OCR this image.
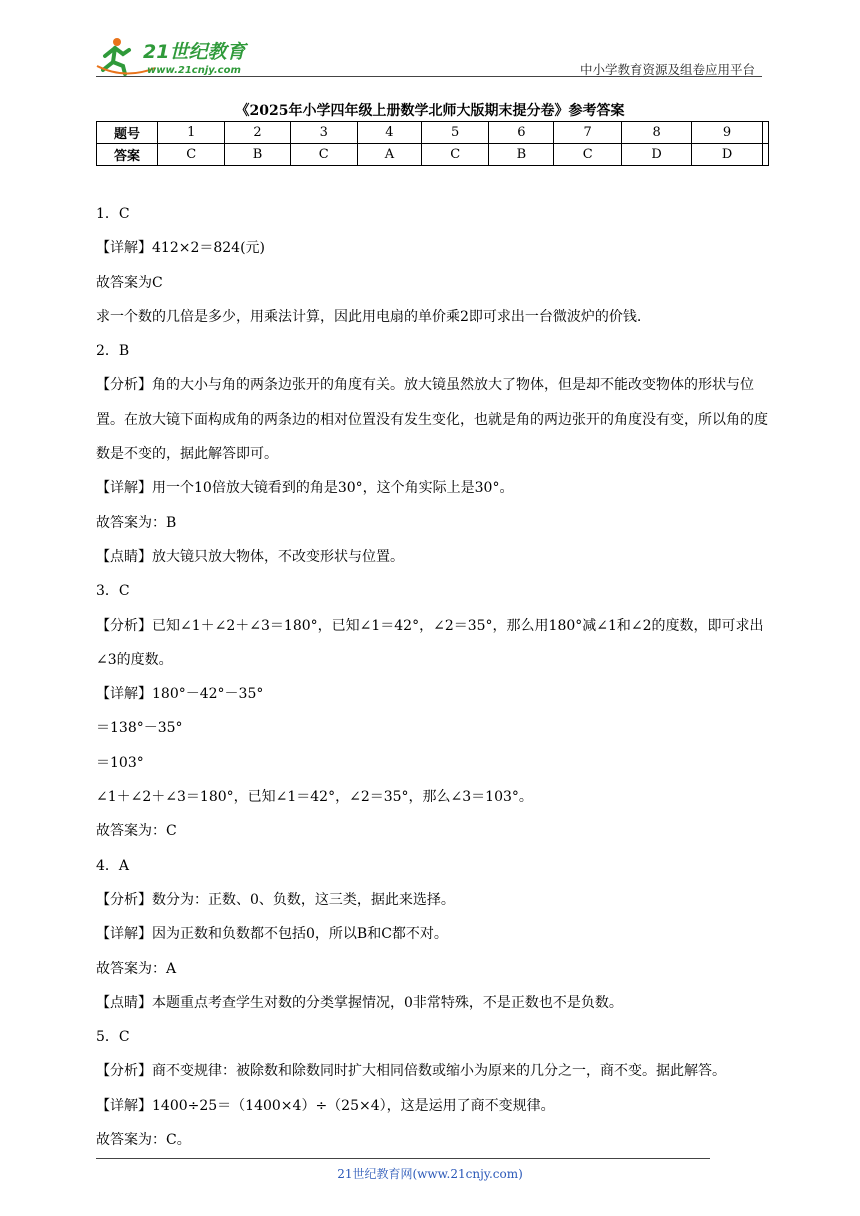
21世纪教育
www.21cnjy.com	中小学教育资源及组卷应用平台
《2025年小学四年级上册数学北师大版期末提分卷》参考答案
题号	1	2	3	4	5	6	7	8	9	
答案	C	B	C	A	C	B	C	D	D	

1．C

【详解】412×2＝824(元)

故答案为C

求一个数的几倍是多少，用乘法计算，因此用电扇的单价乘2即可求出一台微波炉的价钱.

2．B

【分析】角的大小与角的两条边张开的角度有关。放大镜虽然放大了物体，但是却不能改变物体的形状与位置。在放大镜下面构成角的两条边的相对位置没有发生变化，也就是角的两边张开的角度没有变，所以角的度数是不变的，据此解答即可。

【详解】用一个10倍放大镜看到的角是30°，这个角实际上是30°。

故答案为：B

【点睛】放大镜只放大物体，不改变形状与位置。

3．C

【分析】已知∠1＋∠2＋∠3＝180°，已知∠1＝42°，∠2＝35°，那么用180°减∠1和∠2的度数，即可求出∠3的度数。

【详解】180°－42°－35°

＝138°－35°

＝103°

∠1＋∠2＋∠3＝180°，已知∠1＝42°，∠2＝35°，那么∠3＝103°。

故答案为：C

4．A

【分析】数分为：正数、0、负数，这三类，据此来选择。

【详解】因为正数和负数都不包括0，所以B和C都不对。

故答案为：A

【点睛】本题重点考查学生对数的分类掌握情况，0非常特殊，不是正数也不是负数。

5．C

【分析】商不变规律：被除数和除数同时扩大相同倍数或缩小为原来的几分之一，商不变。据此解答。

【详解】1400÷25＝（1400×4）÷（25×4），这是运用了商不变规律。

故答案为：C。

21世纪教育网(www.21cnjy.com)
